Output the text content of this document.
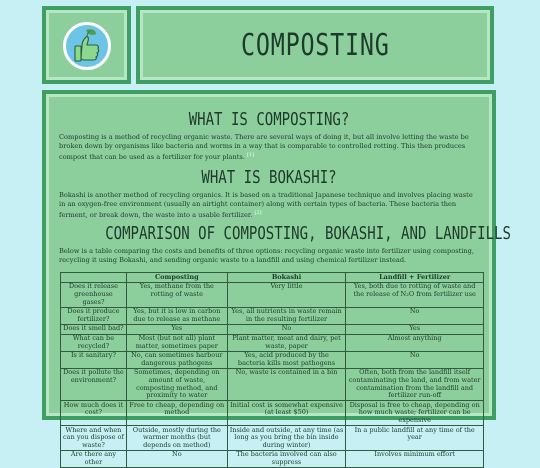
COMPOSTING
WHAT IS COMPOSTING?

Composting is a method of recycling organic waste. There are several ways of doing it, but all involve letting the waste be broken down by organisms like bacteria and worms in a way that is comparable to controlled rotting. This then produces compost that can be used as a fertilizer for your plants. [1]

WHAT IS BOKASHI?

Bokashi is another method of recycling organics. It is based on a traditional Japanese technique and involves placing waste in an oxygen-free environment (usually an airtight container) along with certain types of bacteria. These bacteria then ferment, or break down, the waste into a usable fertilizer. [2]

COMPARISON OF COMPOSTING, BOKASHI, AND LANDFILLS

Below is a table comparing the costs and benefits of three options: recycling organic waste into fertilizer using composting, recycling it using Bokashi, and sending organic waste to a landfill and using chemical fertilizer instead.

	Composting	Bokashi	Landfill + Fertilizer
Does it release greenhouse gases?	Yes, methane from the rotting of waste	Very little	Yes, both due to rotting of waste and the release of N₂O from fertilizer use
Does it produce fertilizer?	Yes, but it is low in carbon due to release as methane	Yes, all nutrients in waste remain in the resulting fertilizer	No
Does it smell bad?	Yes	No	Yes
What can be recycled?	Most (but not all) plant matter, sometimes paper	Plant matter, meat and dairy, pet waste, paper	Almost anything
Is it sanitary?	No, can sometimes harbour dangerous pathogens	Yes, acid produced by the bacteria kills most pathogens	No
Does it pollute the environment?	Sometimes, depending on amount of waste, composting method, and proximity to water	No, waste is contained in a bin	Often, both from the landfill itself contaminating the land, and from water contamination from the landfill and fertilizer run-off
How much does it cost?	Free to cheap, depending on method	Initial cost is somewhat expensive (at least $50)	Disposal is free to cheap, depending on how much waste; fertilizer can be expensive
Where and when can you dispose of waste?	Outside, mostly during the warmer months (but depends on method)	Inside and outside, at any time (as long as you bring the bin inside during winter)	In a public landfill at any time of the year
Are there any other	No	The bacteria involved can also suppress	Involves minimum effort
